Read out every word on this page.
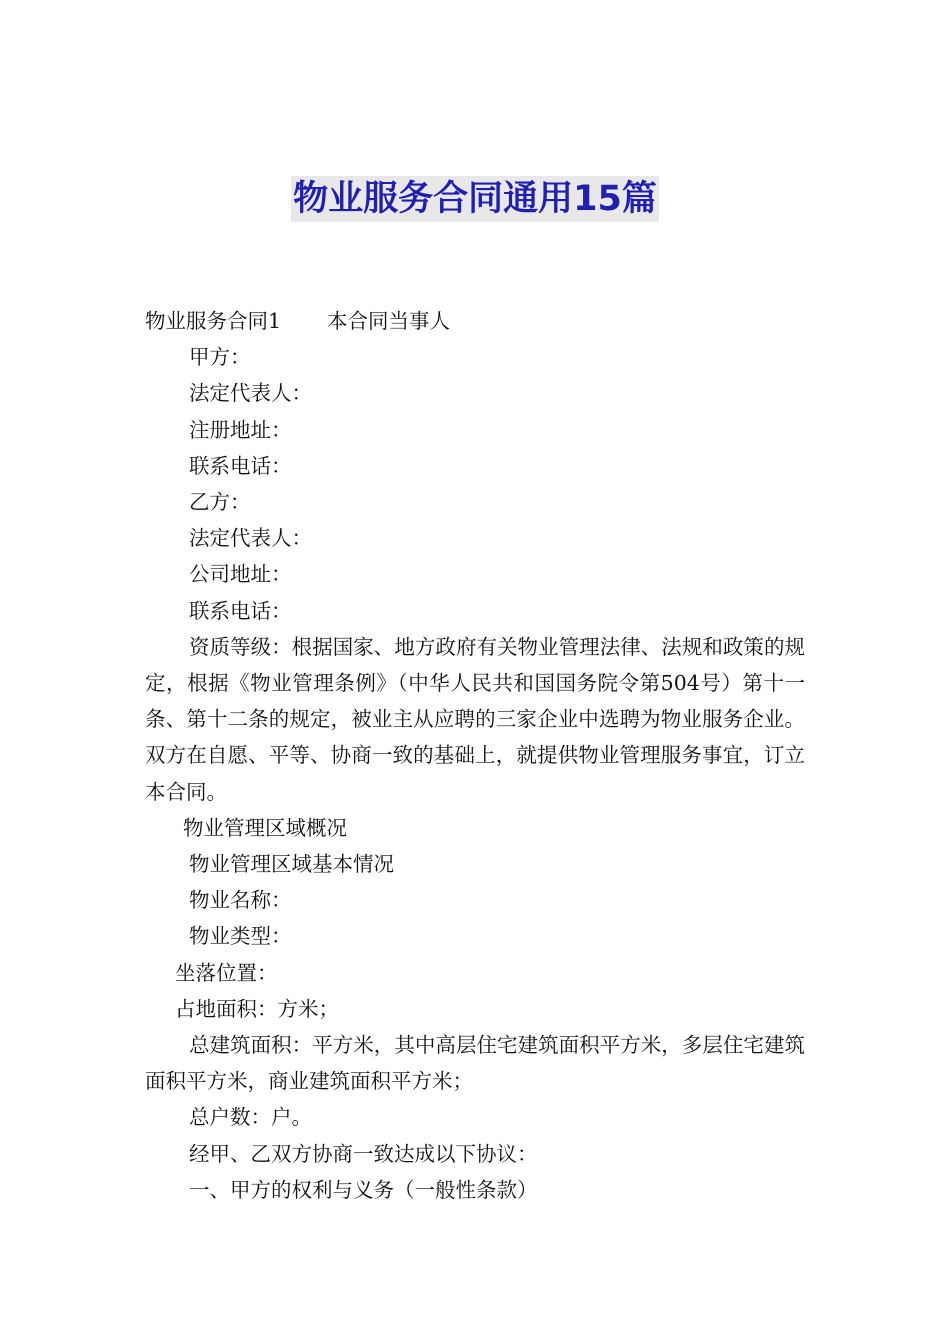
物业服务合同通用15篇

物业服务合同1 本合同当事人

甲方：

法定代表人：

注册地址：

联系电话：

乙方：

法定代表人：

公司地址：

联系电话：

资质等级：根据国家、地方政府有关物业管理法律、法规和政策的规定，根据《物业管理条例》（中华人民共和国国务院令第504号）第十一条、第十二条的规定，被业主从应聘的三家企业中选聘为物业服务企业。双方在自愿、平等、协商一致的基础上，就提供物业管理服务事宜，订立本合同。

物业管理区域概况

物业管理区域基本情况

物业名称：

物业类型：

坐落位置：

占地面积：方米；

总建筑面积：平方米，其中高层住宅建筑面积平方米，多层住宅建筑面积平方米，商业建筑面积平方米；

总户数：户。

经甲、乙双方协商一致达成以下协议：

一、甲方的权利与义务（一般性条款）
